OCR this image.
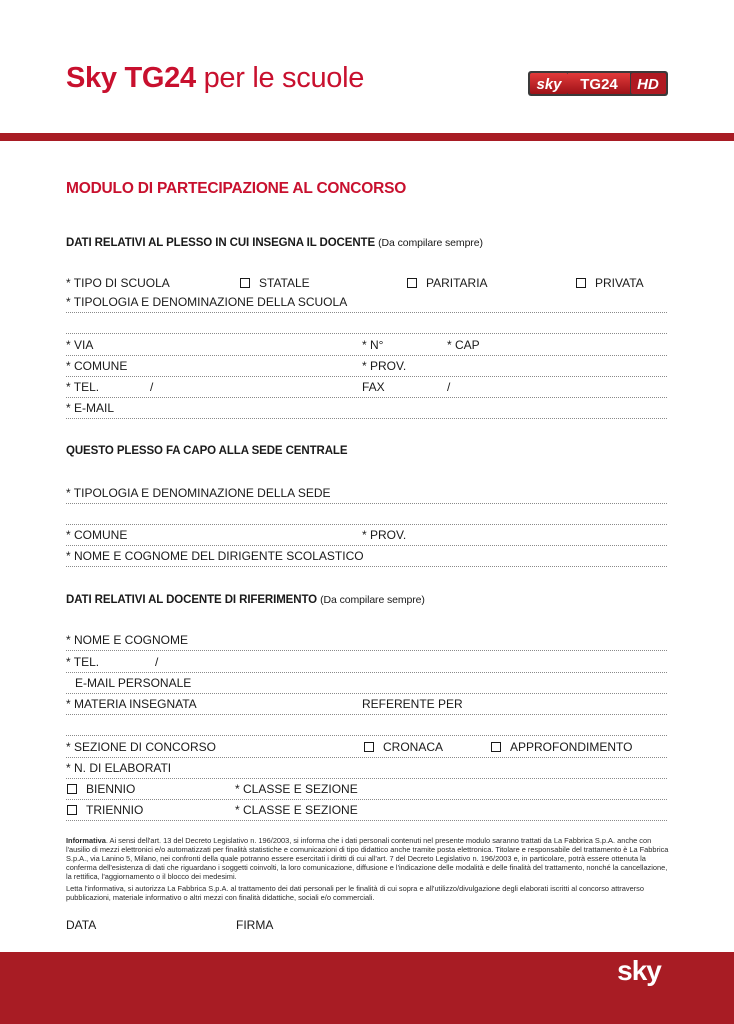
Sky TG24 per le scuole	sky TG24 HD
MODULO DI PARTECIPAZIONE AL CONCORSO
DATI RELATIVI AL PLESSO IN CUI INSEGNA IL DOCENTE (Da compilare sempre)
* TIPO DI SCUOLA	STATALE	PARITARIA	PRIVATA
* TIPOLOGIA E DENOMINAZIONE DELLA SCUOLA
* VIA	* N°	* CAP
* COMUNE	* PROV.
* TEL.	/	FAX	/
* E-MAIL
QUESTO PLESSO FA CAPO ALLA SEDE CENTRALE
* TIPOLOGIA E DENOMINAZIONE DELLA SEDE
* COMUNE	* PROV.
* NOME E COGNOME DEL DIRIGENTE SCOLASTICO
DATI RELATIVI AL DOCENTE DI RIFERIMENTO (Da compilare sempre)
* NOME E COGNOME
* TEL.	/
E-MAIL PERSONALE
* MATERIA INSEGNATA	REFERENTE PER
* SEZIONE DI CONCORSO	CRONACA	APPROFONDIMENTO
* N. DI ELABORATI
BIENNIO	* CLASSE E SEZIONE
TRIENNIO	* CLASSE E SEZIONE
Informativa. Ai sensi dell'art. 13 del Decreto Legislativo n. 196/2003, si informa che i dati personali contenuti nel presente modulo saranno trattati da La Fabbrica S.p.A. anche con l'ausilio di mezzi elettronici e/o automatizzati per finalità statistiche e comunicazioni di tipo didattico anche tramite posta elettronica. Titolare e responsabile del trattamento è La Fabbrica S.p.A., via Lanino 5, Milano, nei confronti della quale potranno essere esercitati i diritti di cui all'art. 7 del Decreto Legislativo n. 196/2003 e, in particolare, potrà essere ottenuta la conferma dell'esistenza di dati che riguardano i soggetti coinvolti, la loro comunicazione, diffusione e l'indicazione delle modalità e delle finalità del trattamento, nonché la cancellazione, la rettifica, l'aggiornamento o il blocco dei medesimi.
Letta l'informativa, si autorizza La Fabbrica S.p.A. al trattamento dei dati personali per le finalità di cui sopra e all'utilizzo/divulgazione degli elaborati iscritti al concorso attraverso pubblicazioni, materiale informativo o altri mezzi con finalità didattiche, sociali e/o commerciali.
DATA	FIRMA
sky
